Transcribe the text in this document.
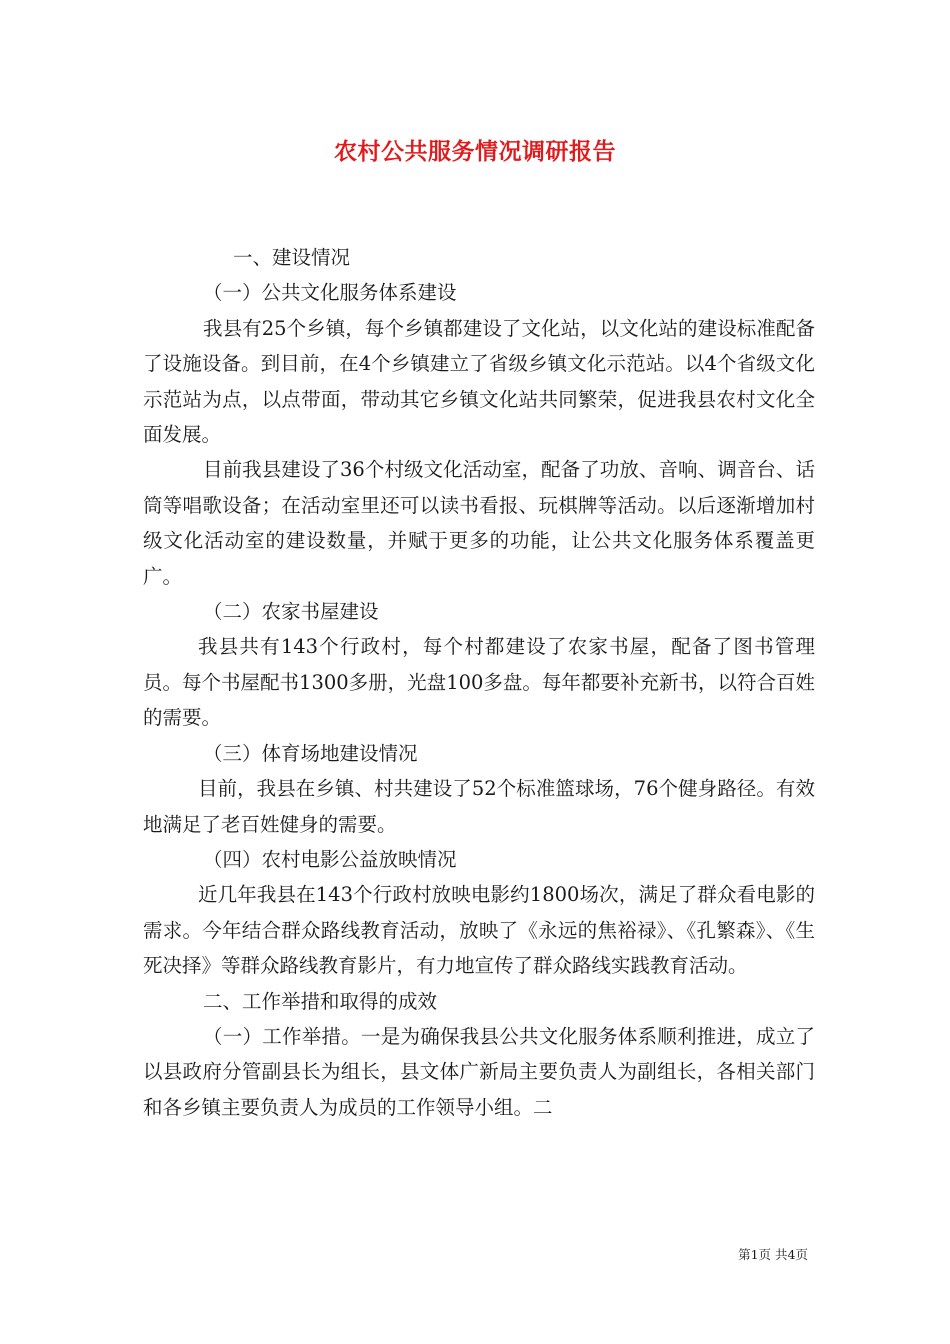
农村公共服务情况调研报告

一、建设情况

（一）公共文化服务体系建设

我县有25个乡镇，每个乡镇都建设了文化站，以文化站的建设标准配备了设施设备。到目前，在4个乡镇建立了省级乡镇文化示范站。以4个省级文化示范站为点，以点带面，带动其它乡镇文化站共同繁荣，促进我县农村文化全面发展。

目前我县建设了36个村级文化活动室，配备了功放、音响、调音台、话筒等唱歌设备；在活动室里还可以读书看报、玩棋牌等活动。以后逐渐增加村级文化活动室的建设数量，并赋于更多的功能，让公共文化服务体系覆盖更广。

（二）农家书屋建设

我县共有143个行政村，每个村都建设了农家书屋，配备了图书管理员。每个书屋配书1300多册，光盘100多盘。每年都要补充新书，以符合百姓的需要。

（三）体育场地建设情况

目前，我县在乡镇、村共建设了52个标准篮球场，76个健身路径。有效地满足了老百姓健身的需要。

（四）农村电影公益放映情况

近几年我县在143个行政村放映电影约1800场次，满足了群众看电影的需求。今年结合群众路线教育活动，放映了《永远的焦裕禄》、《孔繁森》、《生死决择》等群众路线教育影片，有力地宣传了群众路线实践教育活动。

二、工作举措和取得的成效

（一）工作举措。一是为确保我县公共文化服务体系顺利推进，成立了以县政府分管副县长为组长，县文体广新局主要负责人为副组长，各相关部门和各乡镇主要负责人为成员的工作领导小组。二

第1页 共4页
